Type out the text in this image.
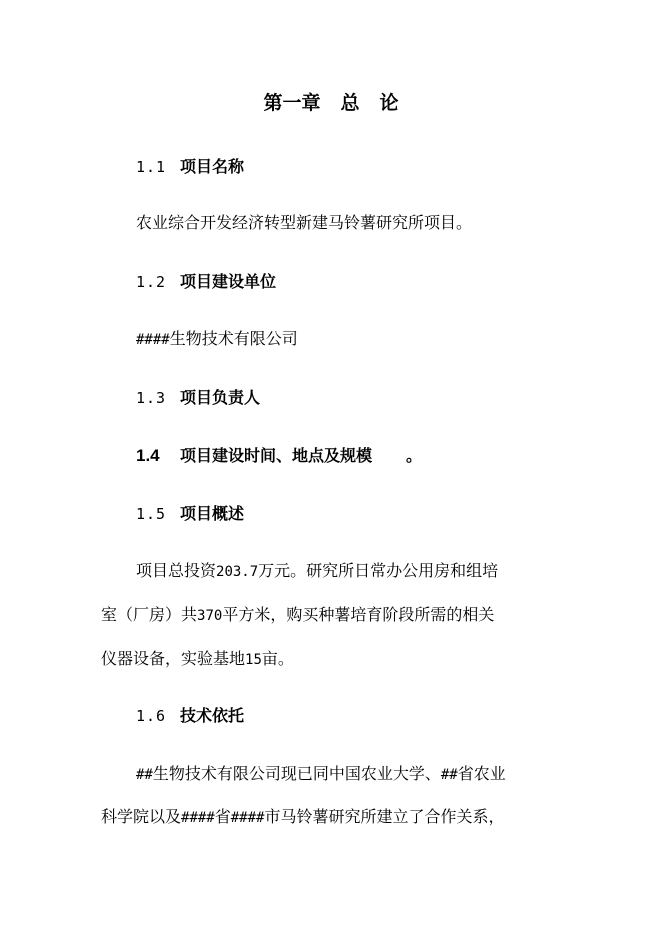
第一章 总 论
1.1 项目名称
农业综合开发经济转型新建马铃薯研究所项目。
1.2 项目建设单位
####生物技术有限公司
1.3 项目负责人
1.4 项目建设时间、地点及规模 。
1.5 项目概述
项目总投资203.7万元。研究所日常办公用房和组培
室（厂房）共370平方米，购买种薯培育阶段所需的相关
仪器设备，实验基地15亩。
1.6 技术依托
##生物技术有限公司现已同中国农业大学、##省农业
科学院以及####省####市马铃薯研究所建立了合作关系，
